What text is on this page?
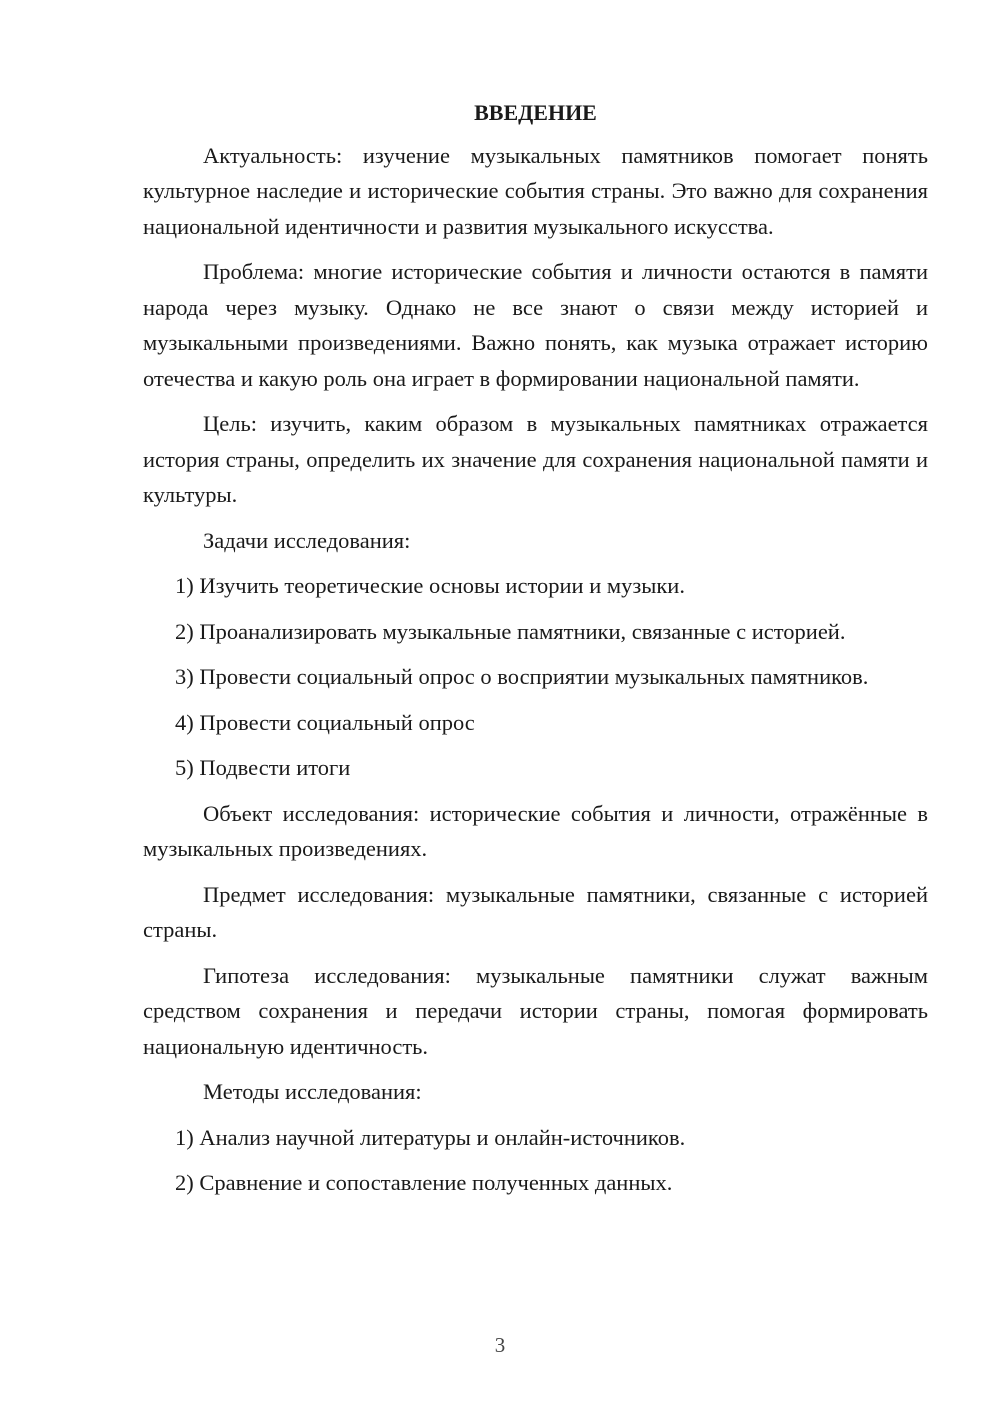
ВВЕДЕНИЕ

Актуальность: изучение музыкальных памятников помогает понять культурное наследие и исторические события страны. Это важно для сохранения национальной идентичности и развития музыкального искусства.

Проблема: многие исторические события и личности остаются в памяти народа через музыку. Однако не все знают о связи между историей и музыкальными произведениями. Важно понять, как музыка отражает историю отечества и какую роль она играет в формировании национальной памяти.

Цель: изучить, каким образом в музыкальных памятниках отражается история страны, определить их значение для сохранения национальной памяти и культуры.

Задачи исследования:

1) Изучить теоретические основы истории и музыки.

2) Проанализировать музыкальные памятники, связанные с историей.

3) Провести социальный опрос о восприятии музыкальных памятников.

4) Провести социальный опрос

5) Подвести итоги

Объект исследования: исторические события и личности, отражённые в музыкальных произведениях.

Предмет исследования: музыкальные памятники, связанные с историей страны.

Гипотеза исследования: музыкальные памятники служат важным средством сохранения и передачи истории страны, помогая формировать национальную идентичность.

Методы исследования:

1) Анализ научной литературы и онлайн-источников.

2) Сравнение и сопоставление полученных данных.

3
